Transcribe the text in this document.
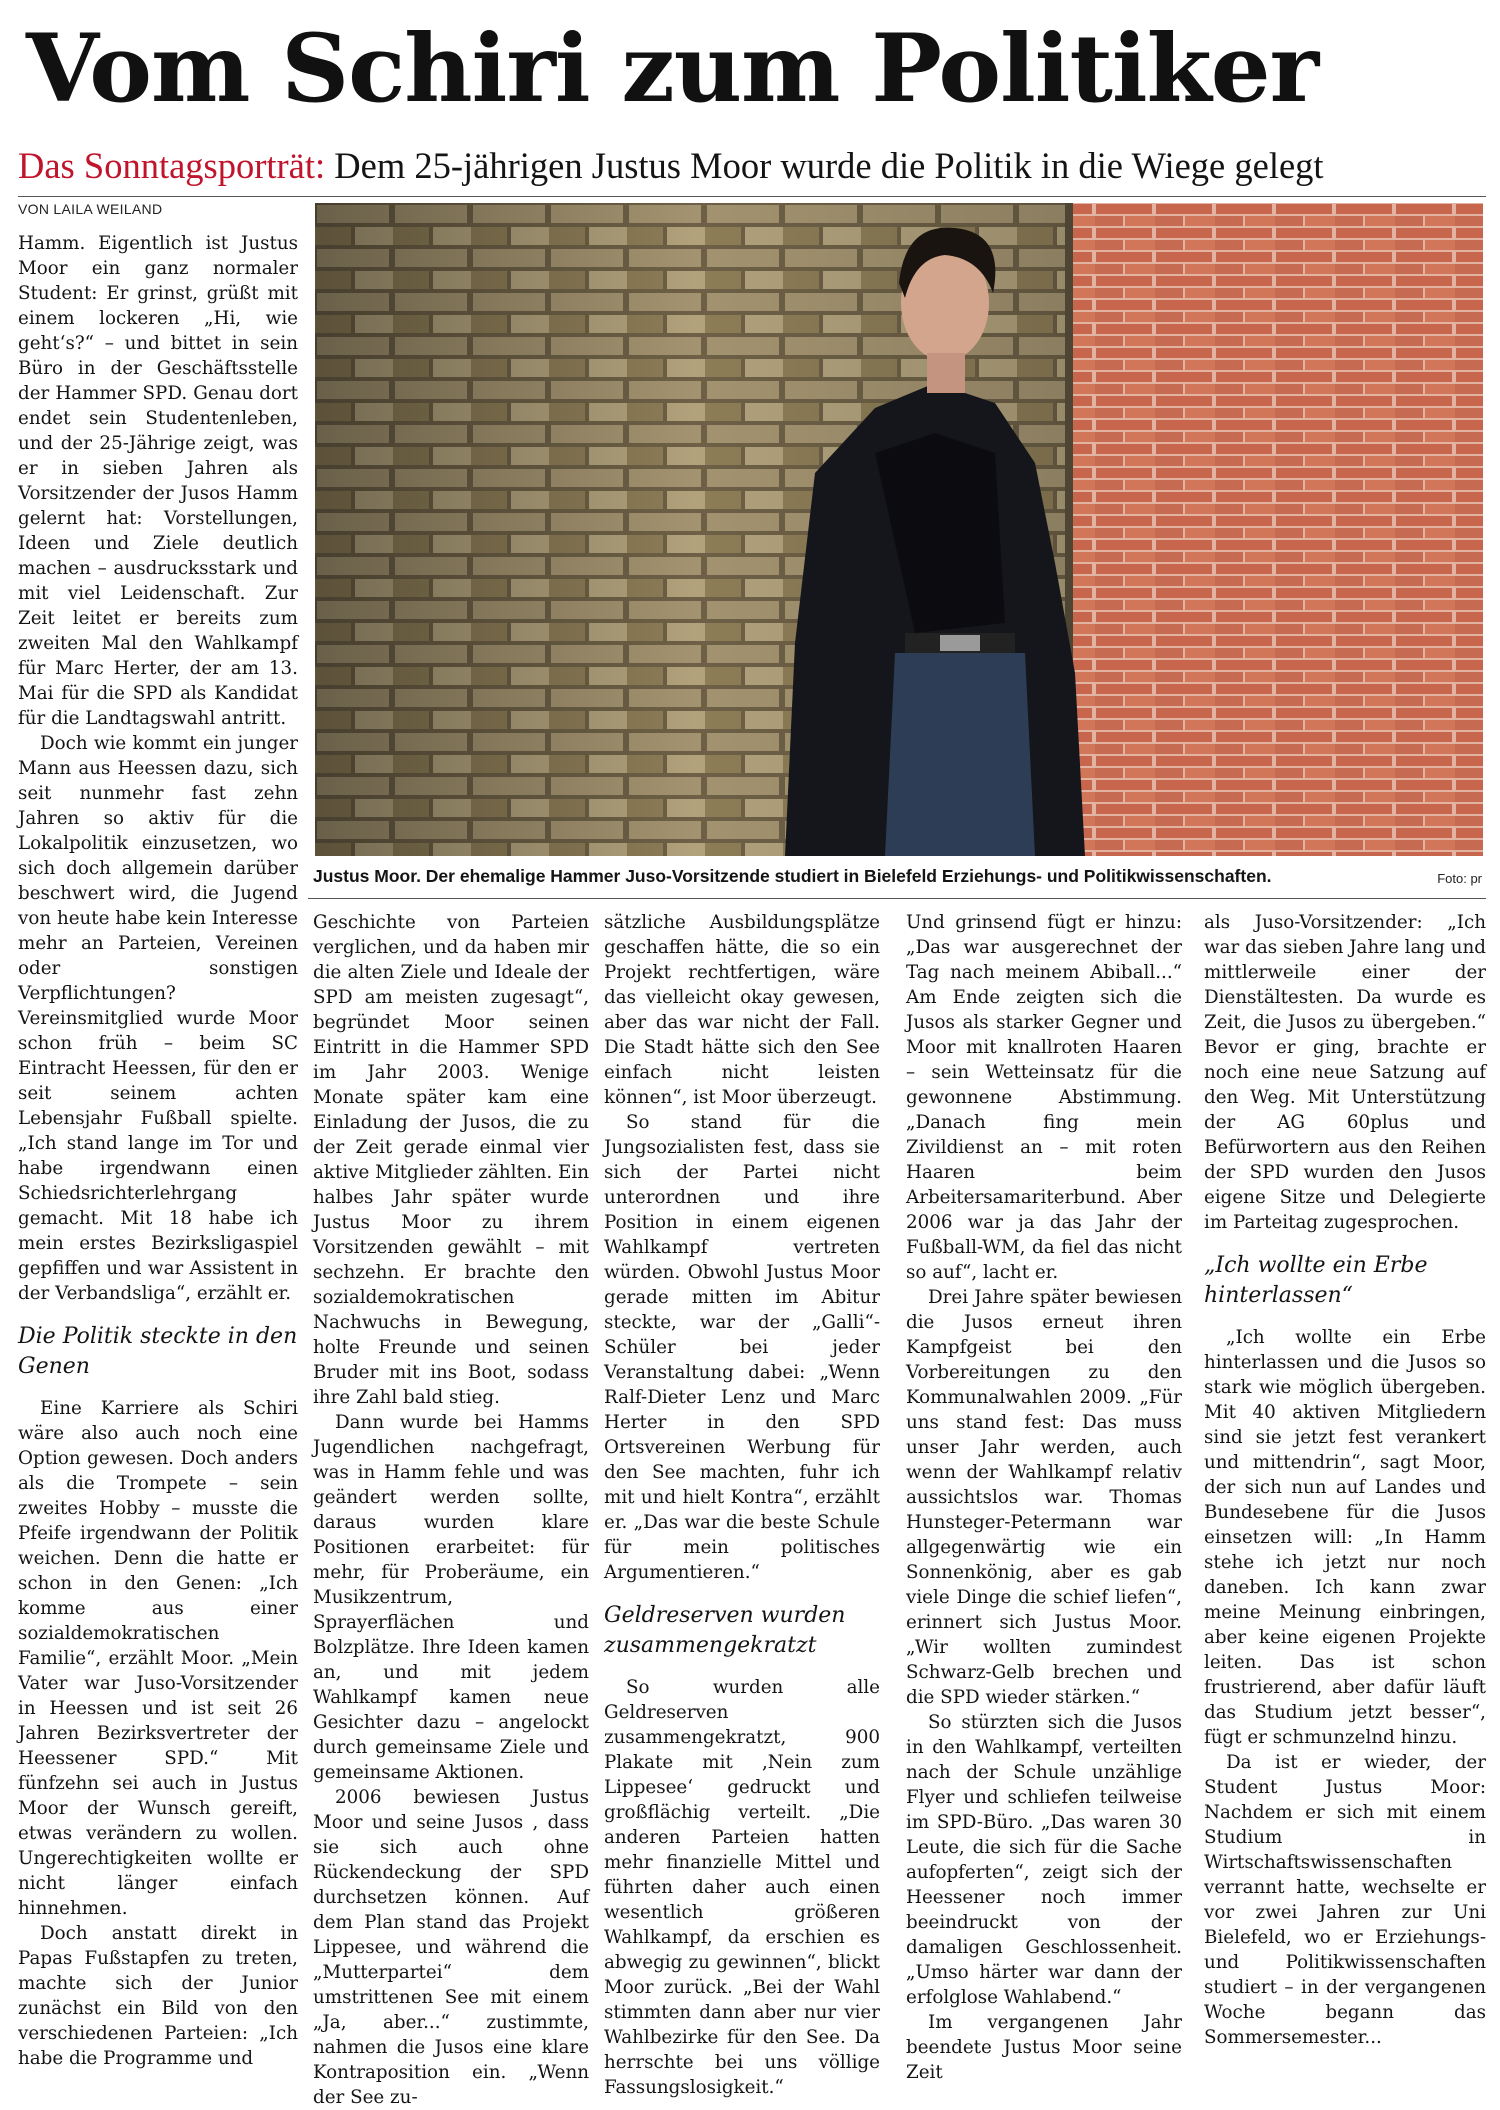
Vom Schiri zum Politiker
Das Sonntagsporträt: Dem 25-jährigen Justus Moor wurde die Politik in die Wiege gelegt
VON LAILA WEILAND

Hamm. Eigentlich ist Justus Moor ein ganz normaler Student: Er grinst, grüßt mit einem lockeren „Hi, wie geht‘s?“ – und bittet in sein Büro in der Geschäftsstelle der Hammer SPD. Genau dort endet sein Studentenleben, und der 25-Jährige zeigt, was er in sieben Jahren als Vorsitzender der Jusos Hamm gelernt hat: Vorstellungen, Ideen und Ziele deutlich machen – ausdrucksstark und mit viel Leidenschaft. Zur Zeit leitet er bereits zum zweiten Mal den Wahlkampf für Marc Herter, der am 13. Mai für die SPD als Kandidat für die Landtagswahl antritt.

Doch wie kommt ein junger Mann aus Heessen dazu, sich seit nunmehr fast zehn Jahren so aktiv für die Lokalpolitik einzusetzen, wo sich doch allgemein darüber beschwert wird, die Jugend von heute habe kein Interesse mehr an Parteien, Vereinen oder sonstigen Verpflichtungen? Vereinsmitglied wurde Moor schon früh – beim SC Eintracht Heessen, für den er seit seinem achten Lebensjahr Fußball spielte. „Ich stand lange im Tor und habe irgendwann einen Schiedsrichterlehrgang gemacht. Mit 18 habe ich mein erstes Bezirksligaspiel gepfiffen und war Assistent in der Verbandsliga“, erzählt er.

Die Politik steckte in den Genen

Eine Karriere als Schiri wäre also auch noch eine Option gewesen. Doch anders als die Trompete – sein zweites Hobby – musste die Pfeife irgendwann der Politik weichen. Denn die hatte er schon in den Genen: „Ich komme aus einer sozialdemokratischen Familie“, erzählt Moor. „Mein Vater war Juso-Vorsitzender in Heessen und ist seit 26 Jahren Bezirksvertreter der Heessener SPD.“ Mit fünfzehn sei auch in Justus Moor der Wunsch gereift, etwas verändern zu wollen. Ungerechtigkeiten wollte er nicht länger einfach hinnehmen.

Doch anstatt direkt in Papas Fußstapfen zu treten, machte sich der Junior zunächst ein Bild von den verschiedenen Parteien: „Ich habe die Programme und

Justus Moor. Der ehemalige Hammer Juso-Vorsitzende studiert in Bielefeld Erziehungs- und Politikwissenschaften.	Foto: pr

Geschichte von Parteien verglichen, und da haben mir die alten Ziele und Ideale der SPD am meisten zugesagt“, begründet Moor seinen Eintritt in die Hammer SPD im Jahr 2003. Wenige Monate später kam eine Einladung der Jusos, die zu der Zeit gerade einmal vier aktive Mitglieder zählten. Ein halbes Jahr später wurde Justus Moor zu ihrem Vorsitzenden gewählt – mit sechzehn. Er brachte den sozialdemokratischen Nachwuchs in Bewegung, holte Freunde und seinen Bruder mit ins Boot, sodass ihre Zahl bald stieg.

Dann wurde bei Hamms Jugendlichen nachgefragt, was in Hamm fehle und was geändert werden sollte, daraus wurden klare Positionen erarbeitet: für mehr, für Proberäume, ein Musikzentrum, Sprayerflächen und Bolzplätze. Ihre Ideen kamen an, und mit jedem Wahlkampf kamen neue Gesichter dazu – angelockt durch gemeinsame Ziele und gemeinsame Aktionen.

2006 bewiesen Justus Moor und seine Jusos , dass sie sich auch ohne Rückendeckung der SPD durchsetzen können. Auf dem Plan stand das Projekt Lippesee, und während die „Mutterpartei“ dem umstrittenen See mit einem „Ja, aber...“ zustimmte, nahmen die Jusos eine klare Kontraposition ein. „Wenn der See zu-

sätzliche Ausbildungsplätze geschaffen hätte, die so ein Projekt rechtfertigen, wäre das vielleicht okay gewesen, aber das war nicht der Fall. Die Stadt hätte sich den See einfach nicht leisten können“, ist Moor überzeugt.

So stand für die Jungsozialisten fest, dass sie sich der Partei nicht unterordnen und ihre Position in einem eigenen Wahlkampf vertreten würden. Obwohl Justus Moor gerade mitten im Abitur steckte, war der „Galli“-Schüler bei jeder Veranstaltung dabei: „Wenn Ralf-Dieter Lenz und Marc Herter in den SPD Ortsvereinen Werbung für den See machten, fuhr ich mit und hielt Kontra“, erzählt er. „Das war die beste Schule für mein politisches Argumentieren.“

Geldreserven wurden zusammengekratzt

So wurden alle Geldreserven zusammengekratzt, 900 Plakate mit ‚Nein zum Lippesee‘ gedruckt und großflächig verteilt. „Die anderen Parteien hatten mehr finanzielle Mittel und führten daher auch einen wesentlich größeren Wahlkampf, da erschien es abwegig zu gewinnen“, blickt Moor zurück. „Bei der Wahl stimmten dann aber nur vier Wahlbezirke für den See. Da herrschte bei uns völlige Fassungslosigkeit.“

Und grinsend fügt er hinzu: „Das war ausgerechnet der Tag nach meinem Abiball...“ Am Ende zeigten sich die Jusos als starker Gegner und Moor mit knallroten Haaren – sein Wetteinsatz für die gewonnene Abstimmung. „Danach fing mein Zivildienst an – mit roten Haaren beim Arbeitersamariterbund. Aber 2006 war ja das Jahr der Fußball-WM, da fiel das nicht so auf“, lacht er.

Drei Jahre später bewiesen die Jusos erneut ihren Kampfgeist bei den Vorbereitungen zu den Kommunalwahlen 2009. „Für uns stand fest: Das muss unser Jahr werden, auch wenn der Wahlkampf relativ aussichtslos war. Thomas Hunsteger-Petermann war allgegenwärtig wie ein Sonnenkönig, aber es gab viele Dinge die schief liefen“, erinnert sich Justus Moor. „Wir wollten zumindest Schwarz-Gelb brechen und die SPD wieder stärken.“

So stürzten sich die Jusos in den Wahlkampf, verteilten nach der Schule unzählige Flyer und schliefen teilweise im SPD-Büro. „Das waren 30 Leute, die sich für die Sache aufopferten“, zeigt sich der Heessener noch immer beeindruckt von der damaligen Geschlossenheit. „Umso härter war dann der erfolglose Wahlabend.“

Im vergangenen Jahr beendete Justus Moor seine Zeit

als Juso-Vorsitzender: „Ich war das sieben Jahre lang und mittlerweile einer der Dienstältesten. Da wurde es Zeit, die Jusos zu übergeben.“ Bevor er ging, brachte er noch eine neue Satzung auf den Weg. Mit Unterstützung der AG 60plus und Befürwortern aus den Reihen der SPD wurden den Jusos eigene Sitze und Delegierte im Parteitag zugesprochen.

„Ich wollte ein Erbe hinterlassen“

„Ich wollte ein Erbe hinterlassen und die Jusos so stark wie möglich übergeben. Mit 40 aktiven Mitgliedern sind sie jetzt fest verankert und mittendrin“, sagt Moor, der sich nun auf Landes und Bundesebene für die Jusos einsetzen will: „In Hamm stehe ich jetzt nur noch daneben. Ich kann zwar meine Meinung einbringen, aber keine eigenen Projekte leiten. Das ist schon frustrierend, aber dafür läuft das Studium jetzt besser“, fügt er schmunzelnd hinzu.

Da ist er wieder, der Student Justus Moor: Nachdem er sich mit einem Studium in Wirtschaftswissenschaften verrannt hatte, wechselte er vor zwei Jahren zur Uni Bielefeld, wo er Erziehungs- und Politikwissenschaften studiert – in der vergangenen Woche begann das Sommersemester...
